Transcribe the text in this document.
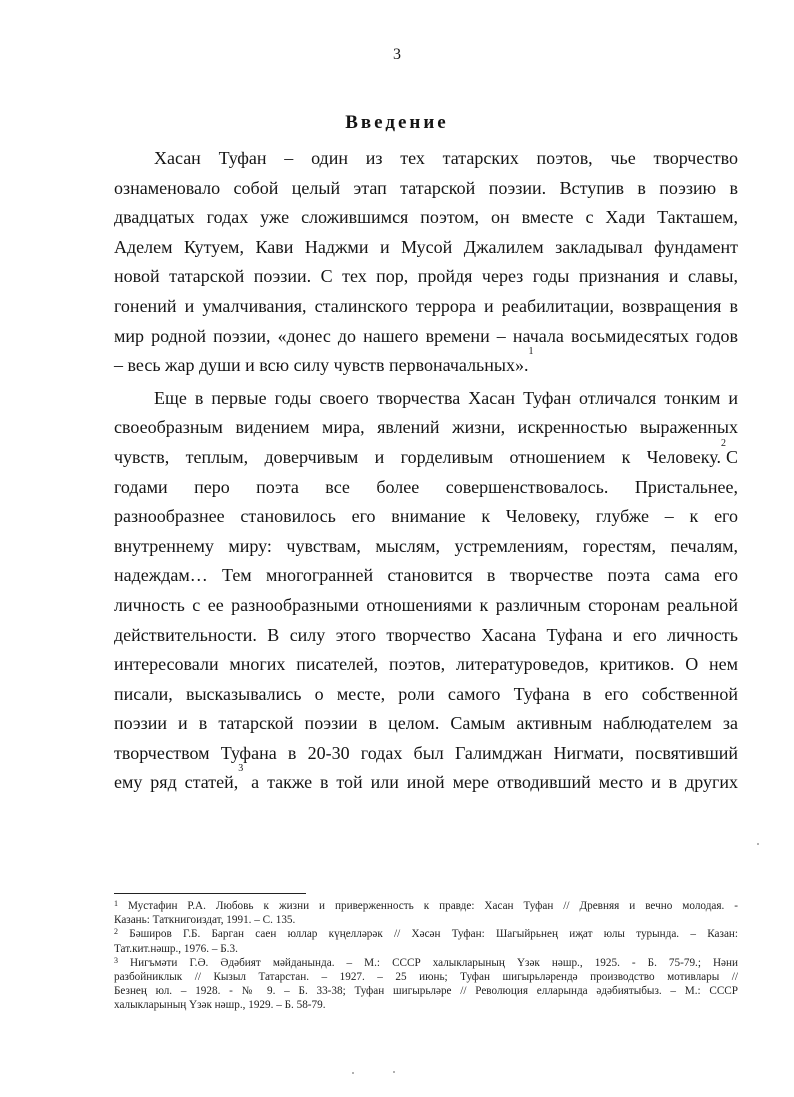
3
Введение
Хасан Туфан – один из тех татарских поэтов, чье творчество
ознаменовало собой целый этап татарской поэзии. Вступив в поэзию в
двадцатых годах уже сложившимся поэтом, он вместе с Хади Такташем,
Аделем Кутуем, Кави Наджми и Мусой Джалилем закладывал фундамент
новой татарской поэзии. С тех пор, пройдя через годы признания и славы,
гонений и умалчивания, сталинского террора и реабилитации, возвращения в
мир родной поэзии, «донес до нашего времени – начала восьмидесятых годов
– весь жар души и всю силу чувств первоначальных».$^1$
Еще в первые годы своего творчества Хасан Туфан отличался тонким и
своеобразным видением мира, явлений жизни, искренностью выраженных
чувств, теплым, доверчивым и горделивым отношением к Человеку.$^2$С
годами перо поэта все более совершенствовалось. Пристальнее,
разнообразнее становилось его внимание к Человеку, глубже – к его
внутреннему миру: чувствам, мыслям, устремлениям, горестям, печалям,
надеждам… Тем многогранней становится в творчестве поэта сама его
личность с ее разнообразными отношениями к различным сторонам реальной
действительности. В силу этого творчество Хасана Туфана и его личность
интересовали многих писателей, поэтов, литературоведов, критиков. О нем
писали, высказывались о месте, роли самого Туфана в его собственной
поэзии и в татарской поэзии в целом. Самым активным наблюдателем за
творчеством Туфана в 20-30 годах был Галимджан Нигмати, посвятивший
ему ряд статей,$^3$ а также в той или иной мере отводивший место и в других
$^1$ Мустафин Р.А. Любовь к жизни и приверженность к правде: Хасан Туфан // Древняя и вечно молодая. -
Казань: Таткнигоиздат, 1991. – С. 135.
$^2$ Бәширов Г.Б. Барган саен юллар күңелләрәк // Хәсән Туфан: Шагыйрьнең иҗат юлы турында. – Казан:
Тат.кит.нәшр., 1976. – Б.3.
$^3$ Нигъмәти Г.Ә. Әдәбият мәйданында. – М.: СССР халыкларының Үзәк нәшр., 1925. - Б. 75-79.; Нәни
разбойниклык // Кызыл Татарстан. – 1927. – 25 июнь; Туфан шигырьләрендә производство мотивлары //
Безнең юл. – 1928. - № 9. – Б. 33-38; Туфан шигырьләре // Революция елларында әдәбиятыбыз. – М.: СССР
халыкларының Үзәк нәшр., 1929. – Б. 58-79.
